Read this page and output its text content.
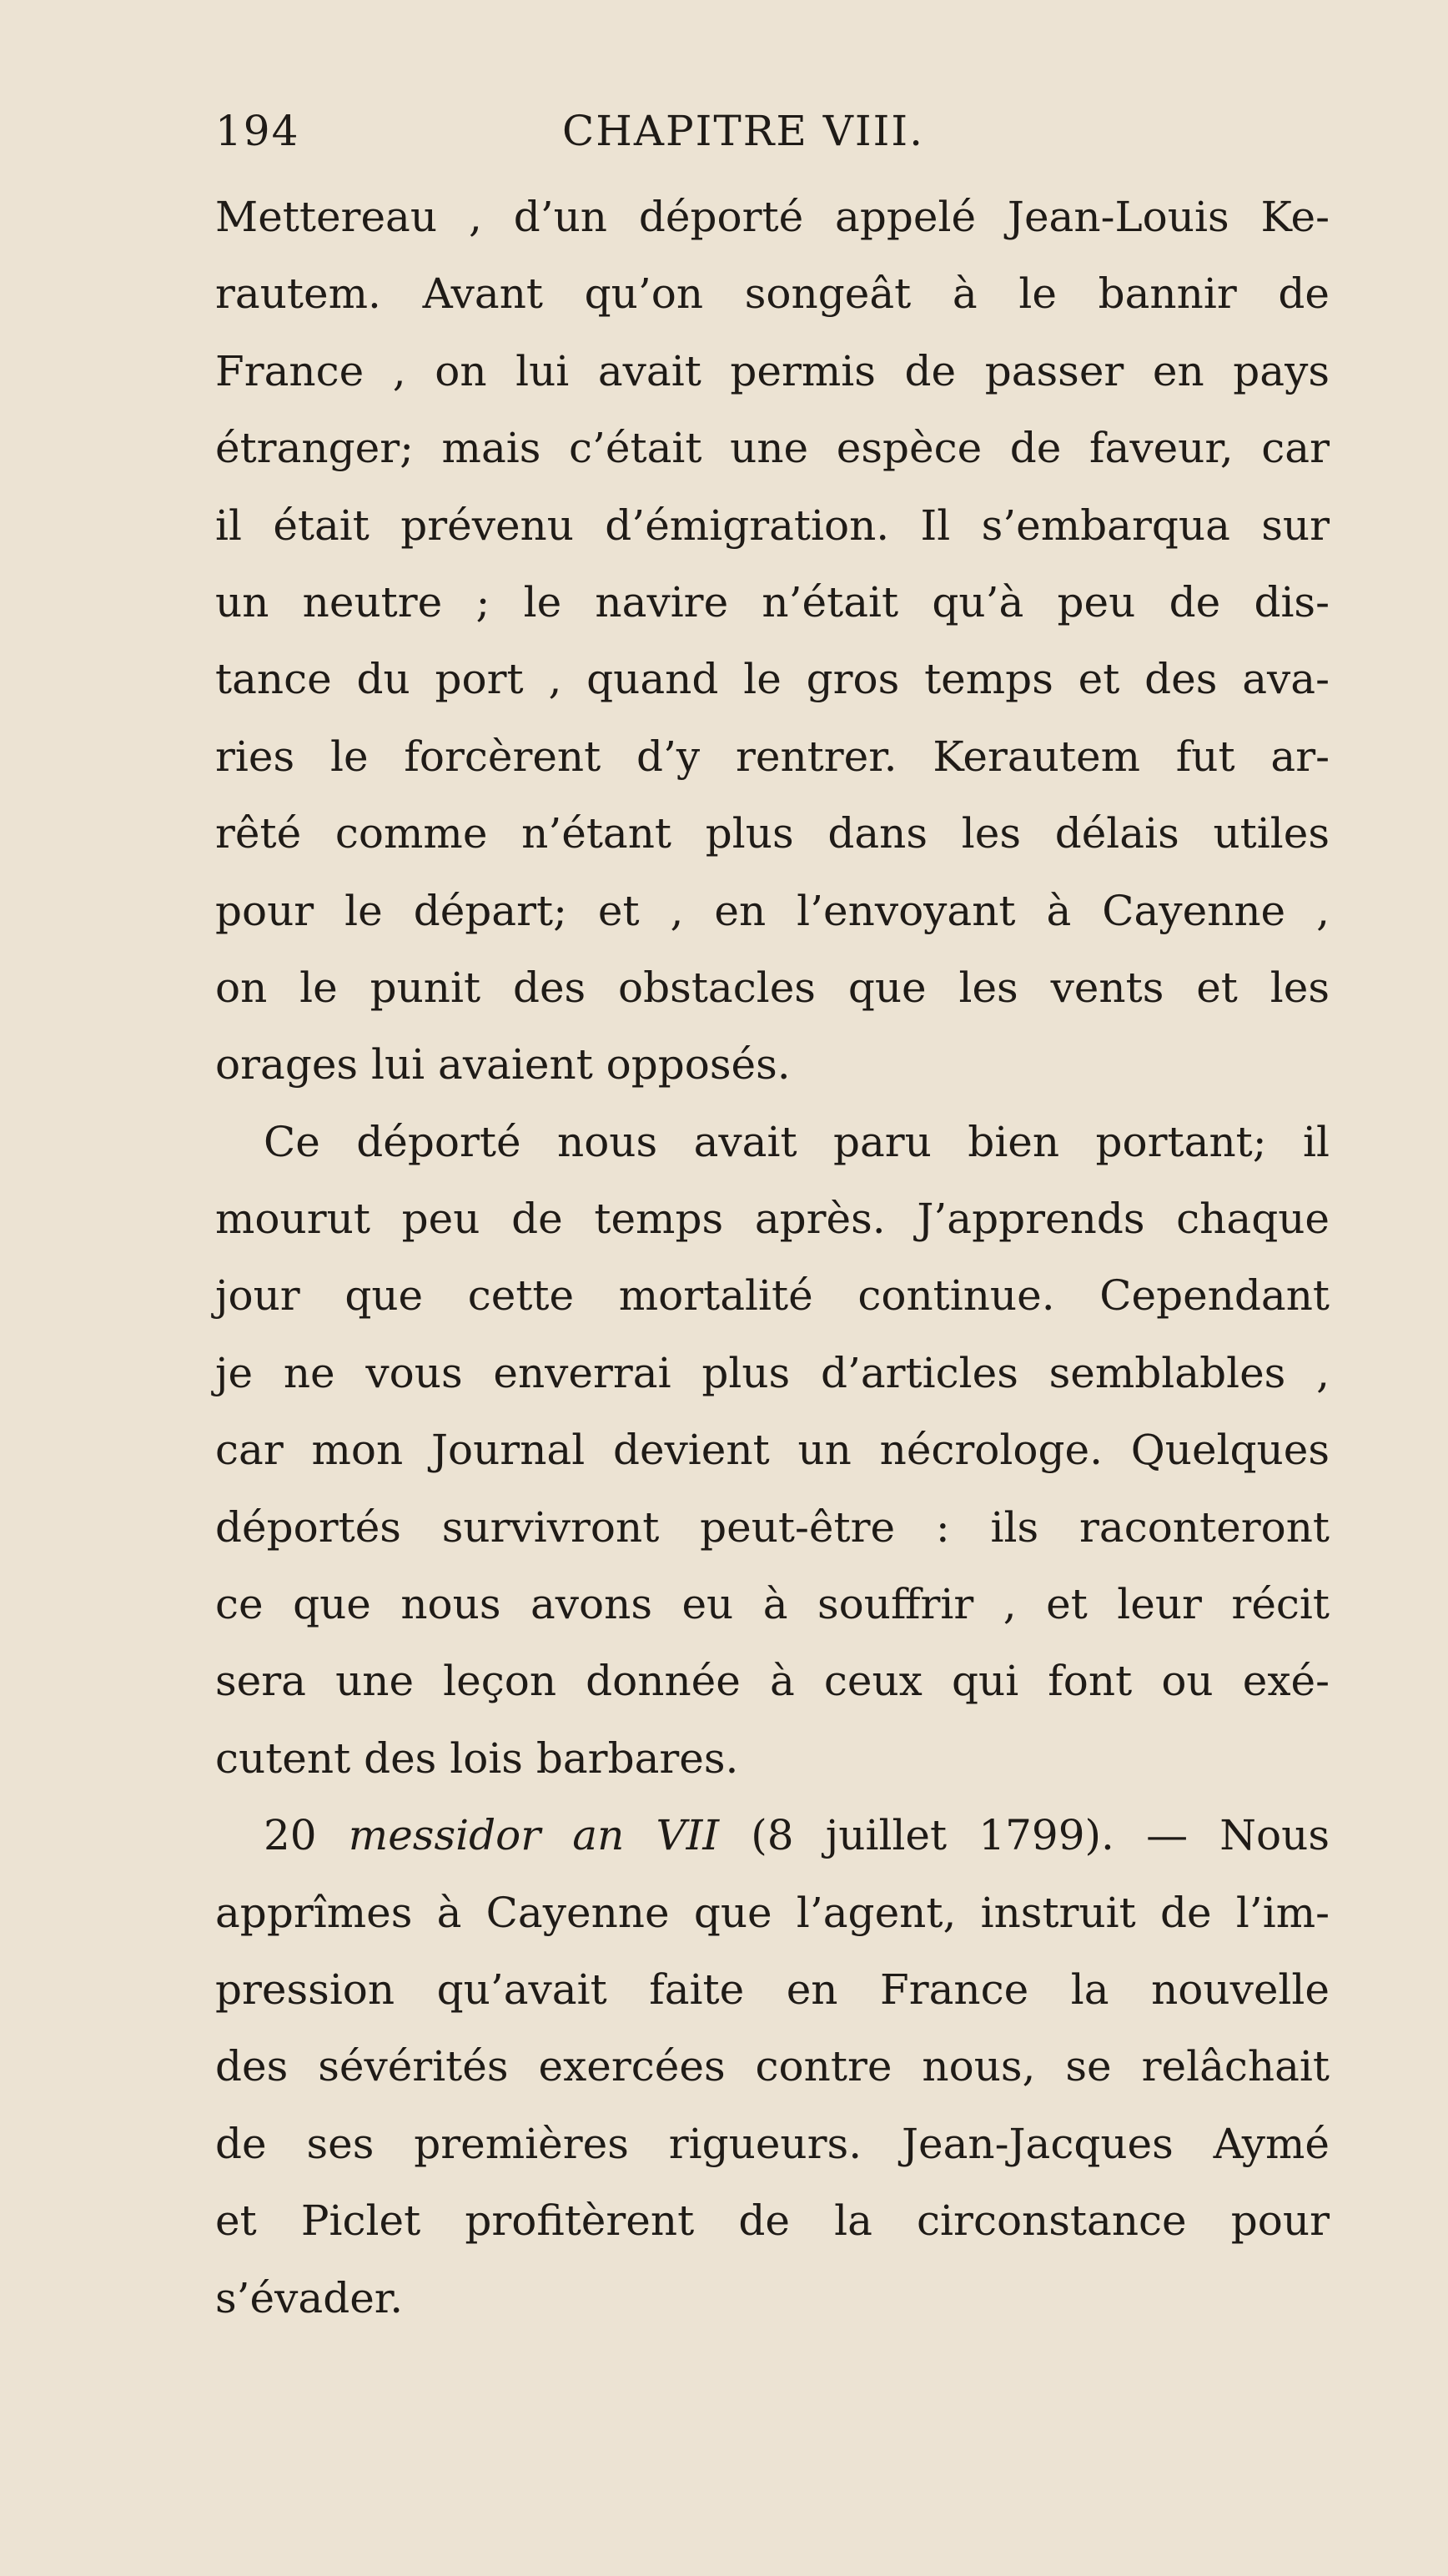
194	CHAPITRE VIII.
Mettereau , d’un déporté appelé Jean-Louis Ke-
rautem. Avant qu’on songeât à le bannir de
France , on lui avait permis de passer en pays
étranger; mais c’était une espèce de faveur, car
il était prévenu d’émigration. Il s’embarqua sur
un neutre ; le navire n’était qu’à peu de dis-
tance du port , quand le gros temps et des ava-
ries le forcèrent d’y rentrer. Kerautem fut ar-
rêté comme n’étant plus dans les délais utiles
pour le départ; et , en l’envoyant à Cayenne ,
on le punit des obstacles que les vents et les
orages lui avaient opposés.
Ce déporté nous avait paru bien portant; il
mourut peu de temps après. J’apprends chaque
jour que cette mortalité continue. Cependant
je ne vous enverrai plus d’articles semblables ,
car mon Journal devient un nécrologe. Quelques
déportés survivront peut-être : ils raconteront
ce que nous avons eu à souffrir , et leur récit
sera une leçon donnée à ceux qui font ou exé-
cutent des lois barbares.
20 messidor an VII (8 juillet 1799). — Nous
apprîmes à Cayenne que l’agent, instruit de l’im-
pression qu’avait faite en France la nouvelle
des sévérités exercées contre nous, se relâchait
de ses premières rigueurs. Jean-Jacques Aymé
et Piclet profitèrent de la circonstance pour
s’évader.
